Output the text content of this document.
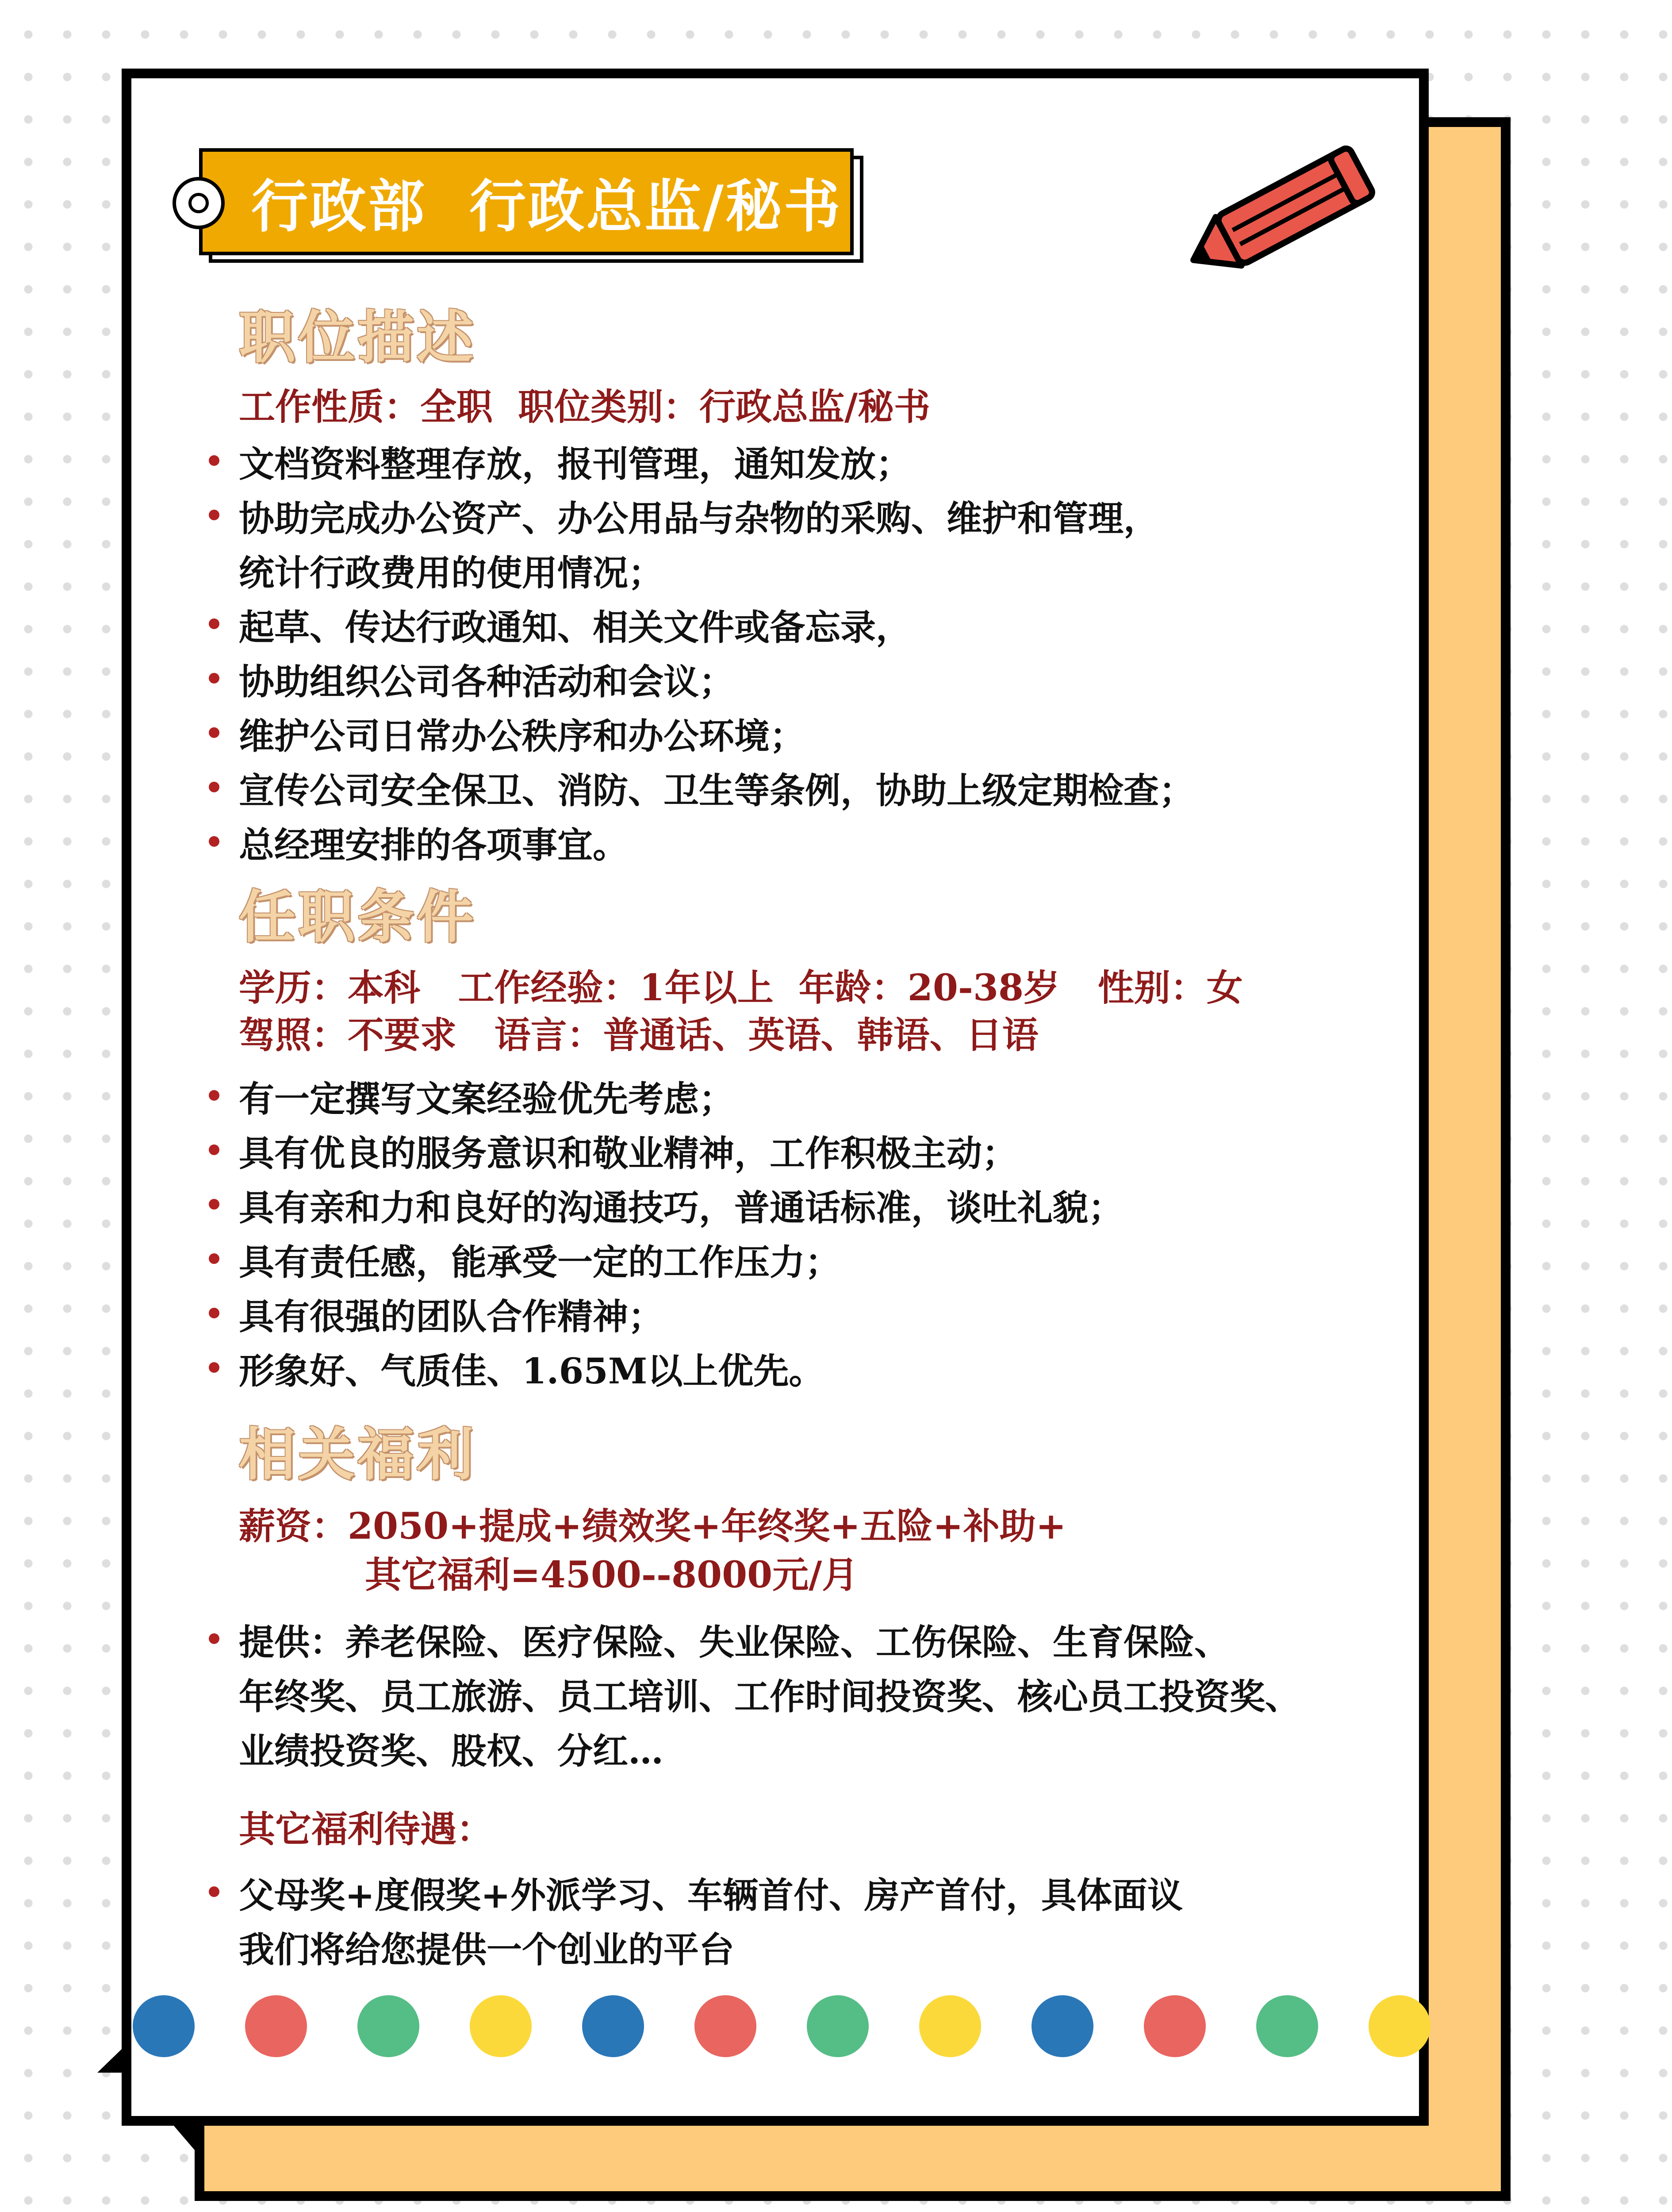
行政部  行政总监/秘书
职位描述
工作性质：全职  职位类别：行政总监/秘书
文档资料整理存放，报刊管理，通知发放；
协助完成办公资产、办公用品与杂物的采购、维护和管理，
统计行政费用的使用情况；
起草、传达行政通知、相关文件或备忘录，
协助组织公司各种活动和会议；
维护公司日常办公秩序和办公环境；
宣传公司安全保卫、消防、卫生等条例，协助上级定期检查；
总经理安排的各项事宜。
任职条件
学历：本科   工作经验：1年以上  年龄：20-38岁   性别：女
驾照：不要求   语言：普通话、英语、韩语、日语
有一定撰写文案经验优先考虑；
具有优良的服务意识和敬业精神，工作积极主动；
具有亲和力和良好的沟通技巧，普通话标准，谈吐礼貌；
具有责任感，能承受一定的工作压力；
具有很强的团队合作精神；
形象好、气质佳、1.65M以上优先。
相关福利
薪资：2050+提成+绩效奖+年终奖+五险+补助+
其它福利=4500--8000元/月
提供：养老保险、医疗保险、失业保险、工伤保险、生育保险、
年终奖、员工旅游、员工培训、工作时间投资奖、核心员工投资奖、
业绩投资奖、股权、分红…
其它福利待遇：
父母奖+度假奖+外派学习、车辆首付、房产首付，具体面议
我们将给您提供一个创业的平台
